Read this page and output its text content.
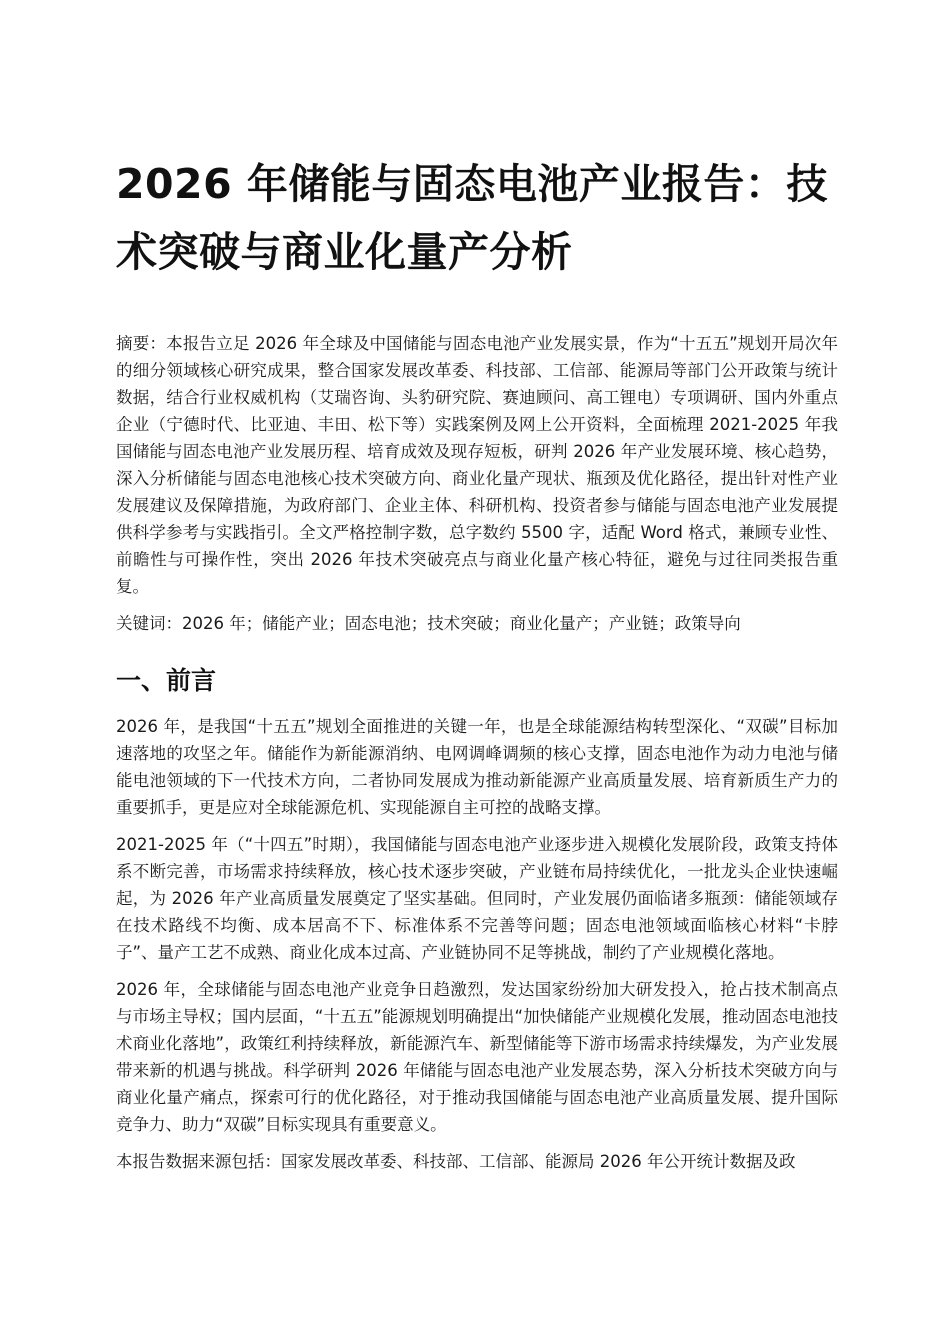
2026 年储能与固态电池产业报告：技术突破与商业化量产分析

摘要：本报告立足 2026 年全球及中国储能与固态电池产业发展实景，作为“十五五”规划开局次年的细分领域核心研究成果，整合国家发展改革委、科技部、工信部、能源局等部门公开政策与统计数据，结合行业权威机构（艾瑞咨询、头豹研究院、赛迪顾问、高工锂电）专项调研、国内外重点企业（宁德时代、比亚迪、丰田、松下等）实践案例及网上公开资料，全面梳理 2021-2025 年我国储能与固态电池产业发展历程、培育成效及现存短板，研判 2026 年产业发展环境、核心趋势，深入分析储能与固态电池核心技术突破方向、商业化量产现状、瓶颈及优化路径，提出针对性产业发展建议及保障措施，为政府部门、企业主体、科研机构、投资者参与储能与固态电池产业发展提供科学参考与实践指引。全文严格控制字数，总字数约 5500 字，适配 Word 格式，兼顾专业性、前瞻性与可操作性，突出 2026 年技术突破亮点与商业化量产核心特征，避免与过往同类报告重复。

关键词：2026 年；储能产业；固态电池；技术突破；商业化量产；产业链；政策导向

一、前言

2026 年，是我国“十五五”规划全面推进的关键一年，也是全球能源结构转型深化、“双碳”目标加速落地的攻坚之年。储能作为新能源消纳、电网调峰调频的核心支撑，固态电池作为动力电池与储能电池领域的下一代技术方向，二者协同发展成为推动新能源产业高质量发展、培育新质生产力的重要抓手，更是应对全球能源危机、实现能源自主可控的战略支撑。

2021-2025 年（“十四五”时期），我国储能与固态电池产业逐步进入规模化发展阶段，政策支持体系不断完善，市场需求持续释放，核心技术逐步突破，产业链布局持续优化，一批龙头企业快速崛起，为 2026 年产业高质量发展奠定了坚实基础。但同时，产业发展仍面临诸多瓶颈：储能领域存在技术路线不均衡、成本居高不下、标准体系不完善等问题；固态电池领域面临核心材料“卡脖子”、量产工艺不成熟、商业化成本过高、产业链协同不足等挑战，制约了产业规模化落地。

2026 年，全球储能与固态电池产业竞争日趋激烈，发达国家纷纷加大研发投入，抢占技术制高点与市场主导权；国内层面，“十五五”能源规划明确提出“加快储能产业规模化发展，推动固态电池技术商业化落地”，政策红利持续释放，新能源汽车、新型储能等下游市场需求持续爆发，为产业发展带来新的机遇与挑战。科学研判 2026 年储能与固态电池产业发展态势，深入分析技术突破方向与商业化量产痛点，探索可行的优化路径，对于推动我国储能与固态电池产业高质量发展、提升国际竞争力、助力“双碳”目标实现具有重要意义。

本报告数据来源包括：国家发展改革委、科技部、工信部、能源局 2026 年公开统计数据及政
